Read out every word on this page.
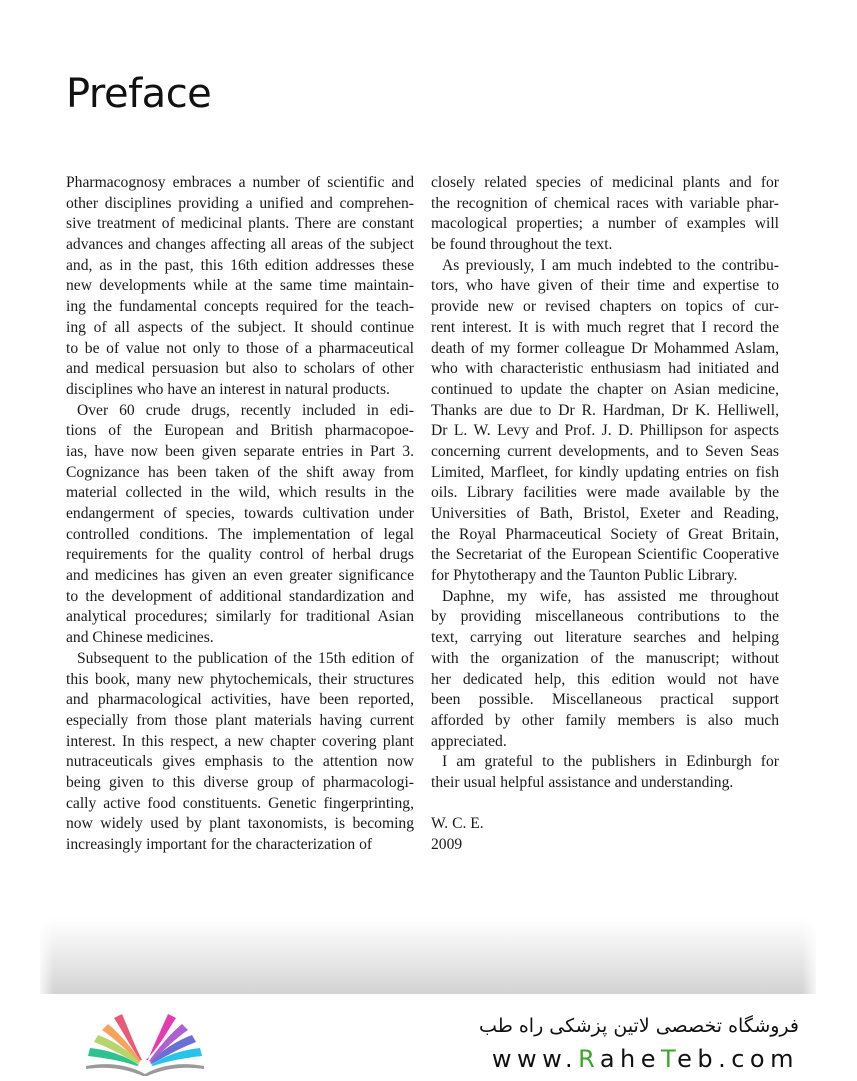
Preface
Pharmacognosy embraces a number of scientific and
other disciplines providing a unified and comprehen-
sive treatment of medicinal plants. There are constant
advances and changes affecting all areas of the subject
and, as in the past, this 16th edition addresses these
new developments while at the same time maintain-
ing the fundamental concepts required for the teach-
ing of all aspects of the subject. It should continue
to be of value not only to those of a pharmaceutical
and medical persuasion but also to scholars of other
disciplines who have an interest in natural products.
Over 60 crude drugs, recently included in edi-
tions of the European and British pharmacopoe-
ias, have now been given separate entries in Part 3.
Cognizance has been taken of the shift away from
material collected in the wild, which results in the
endangerment of species, towards cultivation under
controlled conditions. The implementation of legal
requirements for the quality control of herbal drugs
and medicines has given an even greater significance
to the development of additional standardization and
analytical procedures; similarly for traditional Asian
and Chinese medicines.
Subsequent to the publication of the 15th edition of
this book, many new phytochemicals, their structures
and pharmacological activities, have been reported,
especially from those plant materials having current
interest. In this respect, a new chapter covering plant
nutraceuticals gives emphasis to the attention now
being given to this diverse group of pharmacologi-
cally active food constituents. Genetic fingerprinting,
now widely used by plant taxonomists, is becoming
increasingly important for the characterization of
closely related species of medicinal plants and for
the recognition of chemical races with variable phar-
macological properties; a number of examples will
be found throughout the text.
As previously, I am much indebted to the contribu-
tors, who have given of their time and expertise to
provide new or revised chapters on topics of cur-
rent interest. It is with much regret that I record the
death of my former colleague Dr Mohammed Aslam,
who with characteristic enthusiasm had initiated and
continued to update the chapter on Asian medicine,
Thanks are due to Dr R. Hardman, Dr K. Helliwell,
Dr L. W. Levy and Prof. J. D. Phillipson for aspects
concerning current developments, and to Seven Seas
Limited, Marfleet, for kindly updating entries on fish
oils. Library facilities were made available by the
Universities of Bath, Bristol, Exeter and Reading,
the Royal Pharmaceutical Society of Great Britain,
the Secretariat of the European Scientific Cooperative
for Phytotherapy and the Taunton Public Library.
Daphne, my wife, has assisted me throughout
by providing miscellaneous contributions to the
text, carrying out literature searches and helping
with the organization of the manuscript; without
her dedicated help, this edition would not have
been possible. Miscellaneous practical support
afforded by other family members is also much
appreciated.
I am grateful to the publishers in Edinburgh for
their usual helpful assistance and understanding.
W. C. E.
2009
فروشگاه تخصصی لاتین پزشکی راه طب
www.RaheTeb.com
